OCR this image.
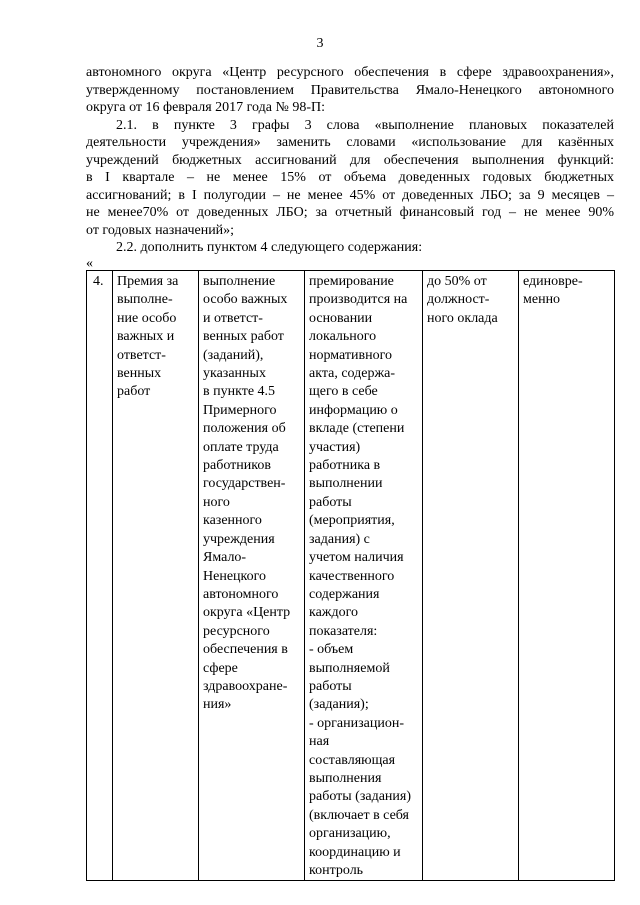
3

автономного округа «Центр ресурсного обеспечения в сфере здравоохранения»,
утвержденному постановлением Правительства Ямало-Ненецкого автономного
округа от 16 февраля 2017 года № 98-П:

2.1. в пункте 3 графы 3 слова «выполнение плановых показателей
деятельности учреждения» заменить словами «использование для казённых
учреждений бюджетных ассигнований для обеспечения выполнения функций:
в I квартале – не менее 15% от объема доведенных годовых бюджетных
ассигнований; в I полугодии – не менее 45% от доведенных ЛБО; за 9 месяцев –
не менее70% от доведенных ЛБО; за отчетный финансовый год – не менее 90%
от годовых назначений»;

2.2. дополнить пунктом 4 следующего содержания:

«
4.	Премия за
выполне-
ние особо
важных и
ответст-
венных
работ

выполнение
особо важных
и ответст-
венных работ
(заданий),
указанных
в пункте 4.5
Примерного
положения об
оплате труда
работников
государствен-
ного
казенного
учреждения
Ямало-
Ненецкого
автономного
округа «Центр
ресурсного
обеспечения в
сфере
здравоохране-
ния»

премирование
производится на
основании
локального
нормативного
акта, содержа-
щего в себе
информацию о
вкладе (степени
участия)
работника в
выполнении
работы
(мероприятия,
задания) с
учетом наличия
качественного
содержания
каждого
показателя:
- объем
выполняемой
работы
(задания);
- организацион-
ная
составляющая
выполнения
работы (задания)
(включает в себя
организацию,
координацию и
контроль

до 50% от
должност-
ного оклада

единовре-
менно
